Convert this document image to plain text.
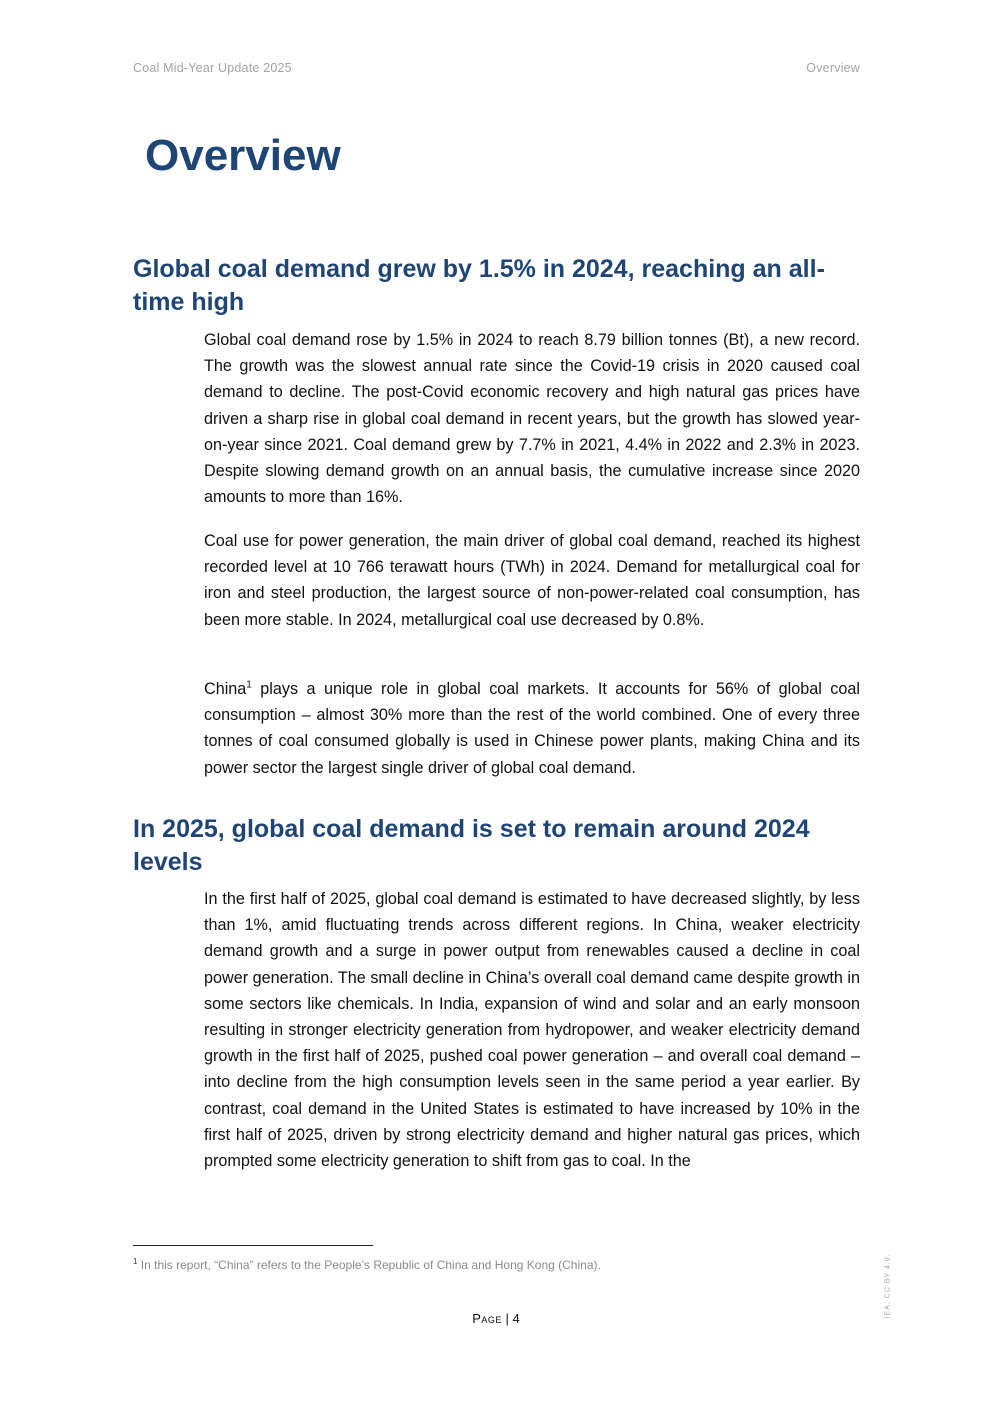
Coal Mid-Year Update 2025	Overview
Overview
Global coal demand grew by 1.5% in 2024, reaching an all-time high

Global coal demand rose by 1.5% in 2024 to reach 8.79 billion tonnes (Bt), a new record. The growth was the slowest annual rate since the Covid-19 crisis in 2020 caused coal demand to decline. The post-Covid economic recovery and high natural gas prices have driven a sharp rise in global coal demand in recent years, but the growth has slowed year-on-year since 2021. Coal demand grew by 7.7% in 2021, 4.4% in 2022 and 2.3% in 2023. Despite slowing demand growth on an annual basis, the cumulative increase since 2020 amounts to more than 16%.

Coal use for power generation, the main driver of global coal demand, reached its highest recorded level at 10 766 terawatt hours (TWh) in 2024. Demand for metallurgical coal for iron and steel production, the largest source of non-power-related coal consumption, has been more stable. In 2024, metallurgical coal use decreased by 0.8%.

China$^1$ plays a unique role in global coal markets. It accounts for 56% of global coal consumption – almost 30% more than the rest of the world combined. One of every three tonnes of coal consumed globally is used in Chinese power plants, making China and its power sector the largest single driver of global coal demand.

In 2025, global coal demand is set to remain around 2024 levels

In the first half of 2025, global coal demand is estimated to have decreased slightly, by less than 1%, amid fluctuating trends across different regions. In China, weaker electricity demand growth and a surge in power output from renewables caused a decline in coal power generation. The small decline in China’s overall coal demand came despite growth in some sectors like chemicals. In India, expansion of wind and solar and an early monsoon resulting in stronger electricity generation from hydropower, and weaker electricity demand growth in the first half of 2025, pushed coal power generation – and overall coal demand – into decline from the high consumption levels seen in the same period a year earlier. By contrast, coal demand in the United States is estimated to have increased by 10% in the first half of 2025, driven by strong electricity demand and higher natural gas prices, which prompted some electricity generation to shift from gas to coal. In the

$^1$ In this report, “China” refers to the People’s Republic of China and Hong Kong (China).
Page | 4	IEA. CC BY 4.0.
